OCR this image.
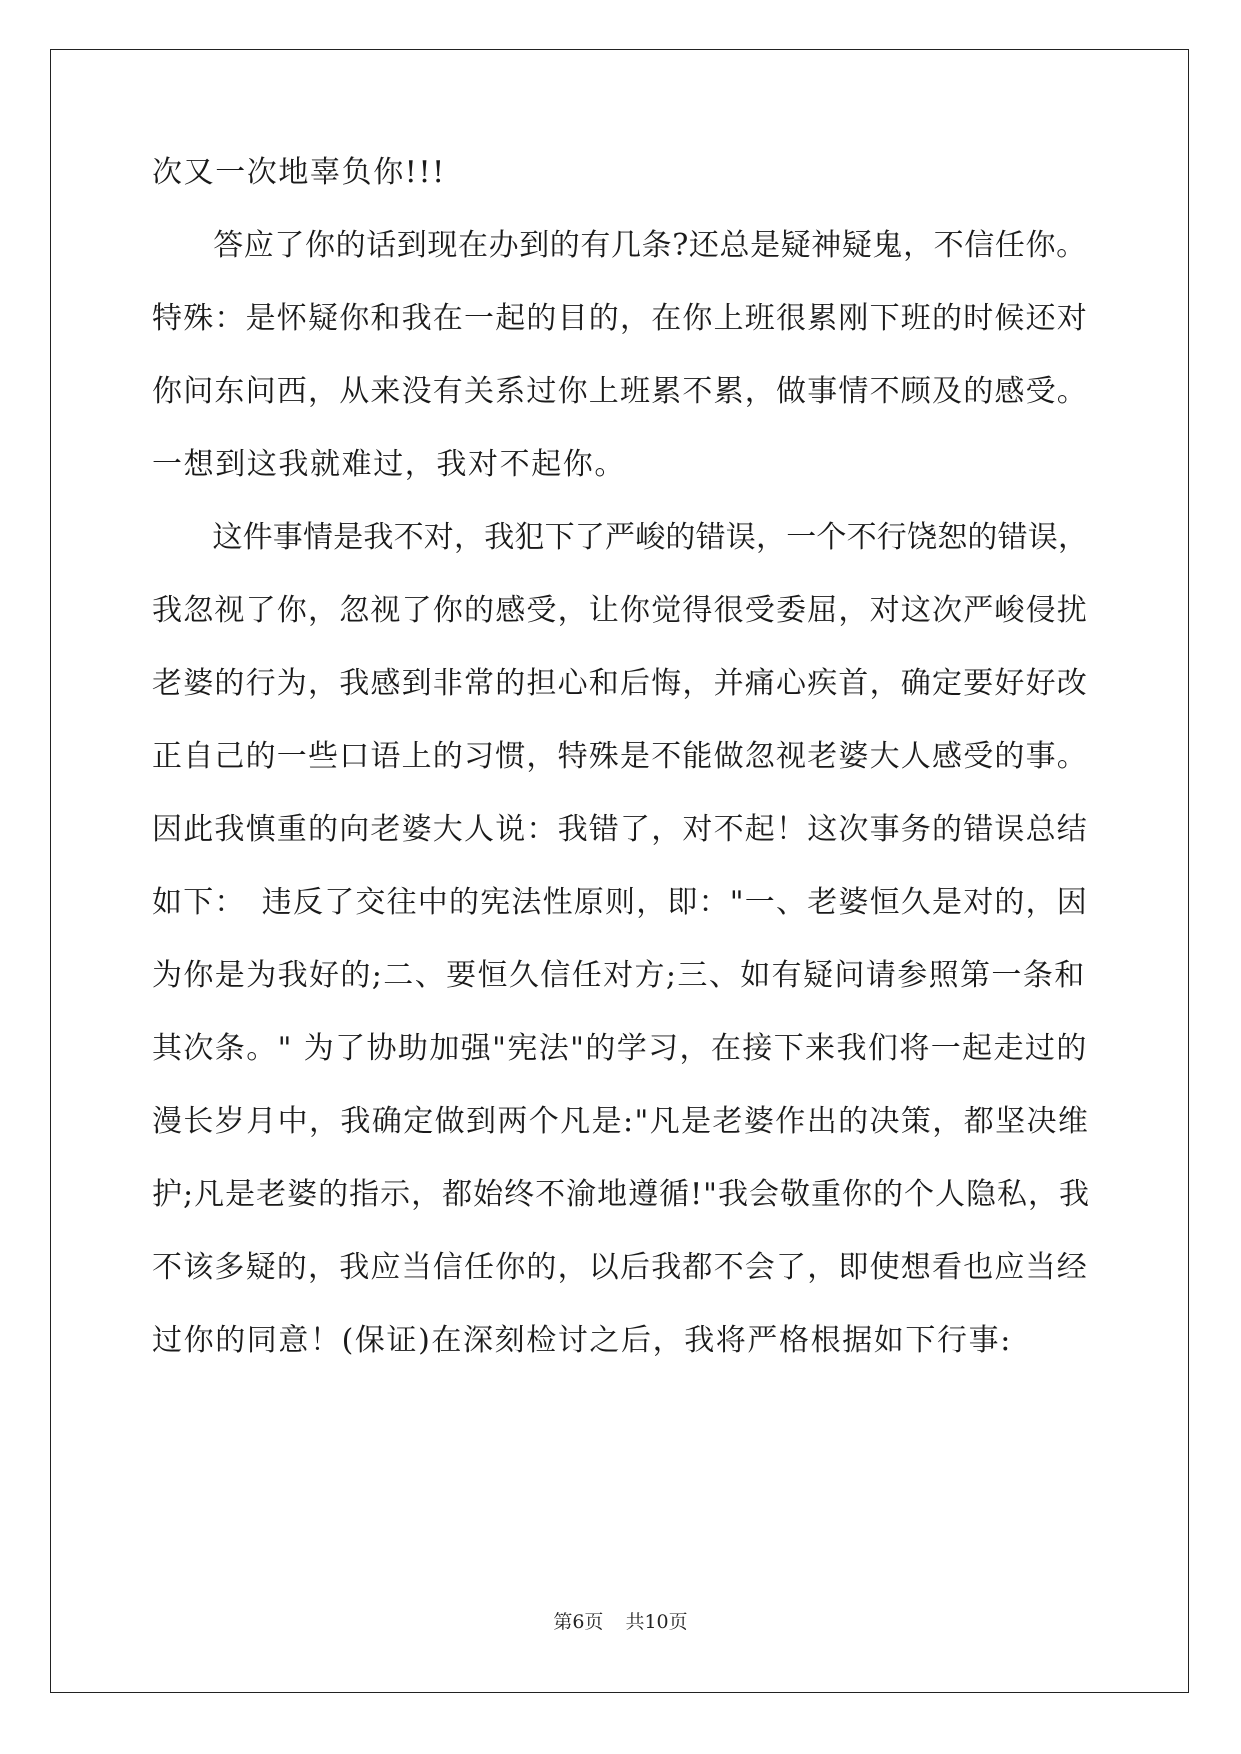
次又一次地辜负你!!!
　　答应了你的话到现在办到的有几条?还总是疑神疑鬼，不信任你。
特殊：是怀疑你和我在一起的目的，在你上班很累刚下班的时候还对
你问东问西，从来没有关系过你上班累不累，做事情不顾及的感受。
一想到这我就难过，我对不起你。
　　这件事情是我不对，我犯下了严峻的错误，一个不行饶恕的错误，
我忽视了你，忽视了你的感受，让你觉得很受委屈，对这次严峻侵扰
老婆的行为，我感到非常的担心和后悔，并痛心疾首，确定要好好改
正自己的一些口语上的习惯，特殊是不能做忽视老婆大人感受的事。
因此我慎重的向老婆大人说：我错了，对不起！这次事务的错误总结
如下：　违反了交往中的宪法性原则，即："一、老婆恒久是对的，因
为你是为我好的;二、要恒久信任对方;三、如有疑问请参照第一条和
其次条。" 为了协助加强"宪法"的学习，在接下来我们将一起走过的
漫长岁月中，我确定做到两个凡是:"凡是老婆作出的决策，都坚决维
护;凡是老婆的指示，都始终不渝地遵循!"我会敬重你的个人隐私，我
不该多疑的，我应当信任你的，以后我都不会了，即使想看也应当经
过你的同意！(保证)在深刻检讨之后，我将严格根据如下行事:
第6页 共10页
